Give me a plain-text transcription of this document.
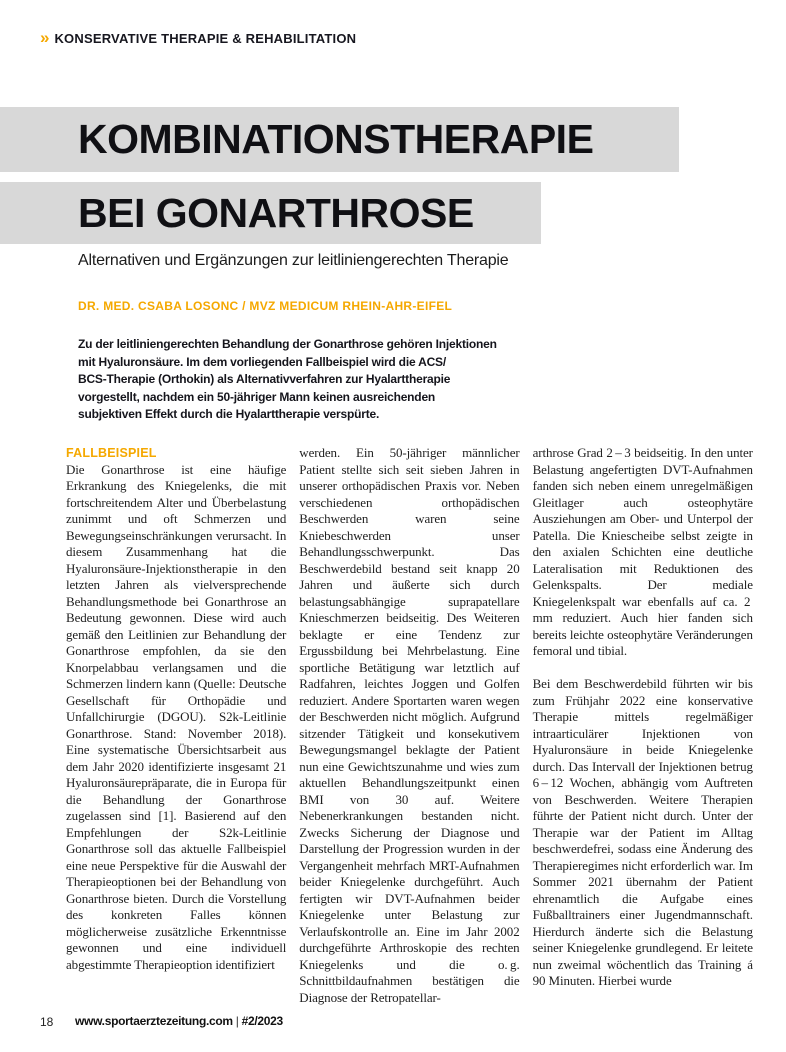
» KONSERVATIVE THERAPIE & REHABILITATION
KOMBINATIONSTHERAPIE
BEI GONARTHROSE
Alternativen und Ergänzungen zur leitliniengerechten Therapie
DR. MED. CSABA LOSONC / MVZ MEDICUM RHEIN-AHR-EIFEL
Zu der leitliniengerechten Behandlung der Gonarthrose gehören Injektionen
mit Hyaluronsäure. Im dem vorliegenden Fallbeispiel wird die ACS/
BCS-Therapie (Orthokin) als Alternativverfahren zur Hyalarttherapie
vorgestellt, nachdem ein 50-jähriger Mann keinen ausreichenden
subjektiven Effekt durch die Hyalarttherapie verspürte.
FALLBEISPIEL

Die Gonarthrose ist eine häufige Erkrankung des Kniegelenks, die mit fortschreitendem Alter und Überbelastung zunimmt und oft Schmerzen und Bewegungseinschränkungen verursacht. In diesem Zusammenhang hat die Hyaluronsäure-Injektionstherapie in den letzten Jahren als vielversprechende Behandlungsmethode bei Gonarthrose an Bedeutung gewonnen. Diese wird auch gemäß den Leitlinien zur Behandlung der Gonarthrose empfohlen, da sie den Knorpelabbau verlangsamen und die Schmerzen lindern kann (Quelle: Deutsche Gesellschaft für Orthopädie und Unfallchirurgie (DGOU). S2k-Leitlinie Gonarthrose. Stand: November 2018). Eine systematische Übersichtsarbeit aus dem Jahr 2020 identifizierte insgesamt 21 Hyaluronsäurepräparate, die in Europa für die Behandlung der Gonarthrose zugelassen sind [1]. Basierend auf den Empfehlungen der S2k-Leitlinie Gonarthrose soll das aktuelle Fallbeispiel eine neue Perspektive für die Auswahl der Therapieoptionen bei der Behandlung von Gonarthrose bieten. Durch die Vorstellung des konkreten Falles können möglicherweise zusätzliche Erkenntnisse gewonnen und eine individuell abgestimmte Therapieoption identifiziert

werden. Ein 50-jähriger männlicher Patient stellte sich seit sieben Jahren in unserer orthopädischen Praxis vor. Neben verschiedenen orthopädischen Beschwerden waren seine Kniebeschwerden unser Behandlungsschwerpunkt. Das Beschwerdebild bestand seit knapp 20 Jahren und äußerte sich durch belastungsabhängige suprapatellare Knieschmerzen beidseitig. Des Weiteren beklagte er eine Tendenz zur Ergussbildung bei Mehrbelastung. Eine sportliche Betätigung war letztlich auf Radfahren, leichtes Joggen und Golfen reduziert. Andere Sportarten waren wegen der Beschwerden nicht möglich. Aufgrund sitzender Tätigkeit und konsekutivem Bewegungsmangel beklagte der Patient nun eine Gewichtszunahme und wies zum aktuellen Behandlungszeitpunkt einen BMI von 30 auf. Weitere Nebenerkrankungen bestanden nicht. Zwecks Sicherung der Diagnose und Darstellung der Progression wurden in der Vergangenheit mehrfach MRT-Aufnahmen beider Kniegelenke durchgeführt. Auch fertigten wir DVT-Aufnahmen beider Kniegelenke unter Belastung zur Verlaufskontrolle an. Eine im Jahr 2002 durchgeführte Arthroskopie des rechten Kniegelenks und die o. g. Schnittbildaufnahmen bestätigen die Diagnose der Retropatellar-

arthrose Grad 2 – 3 beidseitig. In den unter Belastung angefertigten DVT-Aufnahmen fanden sich neben einem unregelmäßigen Gleitlager auch osteophytäre Ausziehungen am Ober- und Unterpol der Patella. Die Kniescheibe selbst zeigte in den axialen Schichten eine deutliche Lateralisation mit Reduktionen des Gelenkspalts. Der mediale Kniegelenkspalt war ebenfalls auf ca. 2 mm reduziert. Auch hier fanden sich bereits leichte osteophytäre Veränderungen femoral und tibial.

Bei dem Beschwerdebild führten wir bis zum Frühjahr 2022 eine konservative Therapie mittels regelmäßiger intraarticulärer Injektionen von Hyaluronsäure in beide Kniegelenke durch. Das Intervall der Injektionen betrug 6 – 12 Wochen, abhängig vom Auftreten von Beschwerden. Weitere Therapien führte der Patient nicht durch. Unter der Therapie war der Patient im Alltag beschwerdefrei, sodass eine Änderung des Therapieregimes nicht erforderlich war. Im Sommer 2021 übernahm der Patient ehrenamtlich die Aufgabe eines Fußballtrainers einer Jugendmannschaft. Hierdurch änderte sich die Belastung seiner Kniegelenke grundlegend. Er leitete nun zweimal wöchentlich das Training á 90 Minuten. Hierbei wurde

18 www.sportaerztezeitung.com | #2/2023
